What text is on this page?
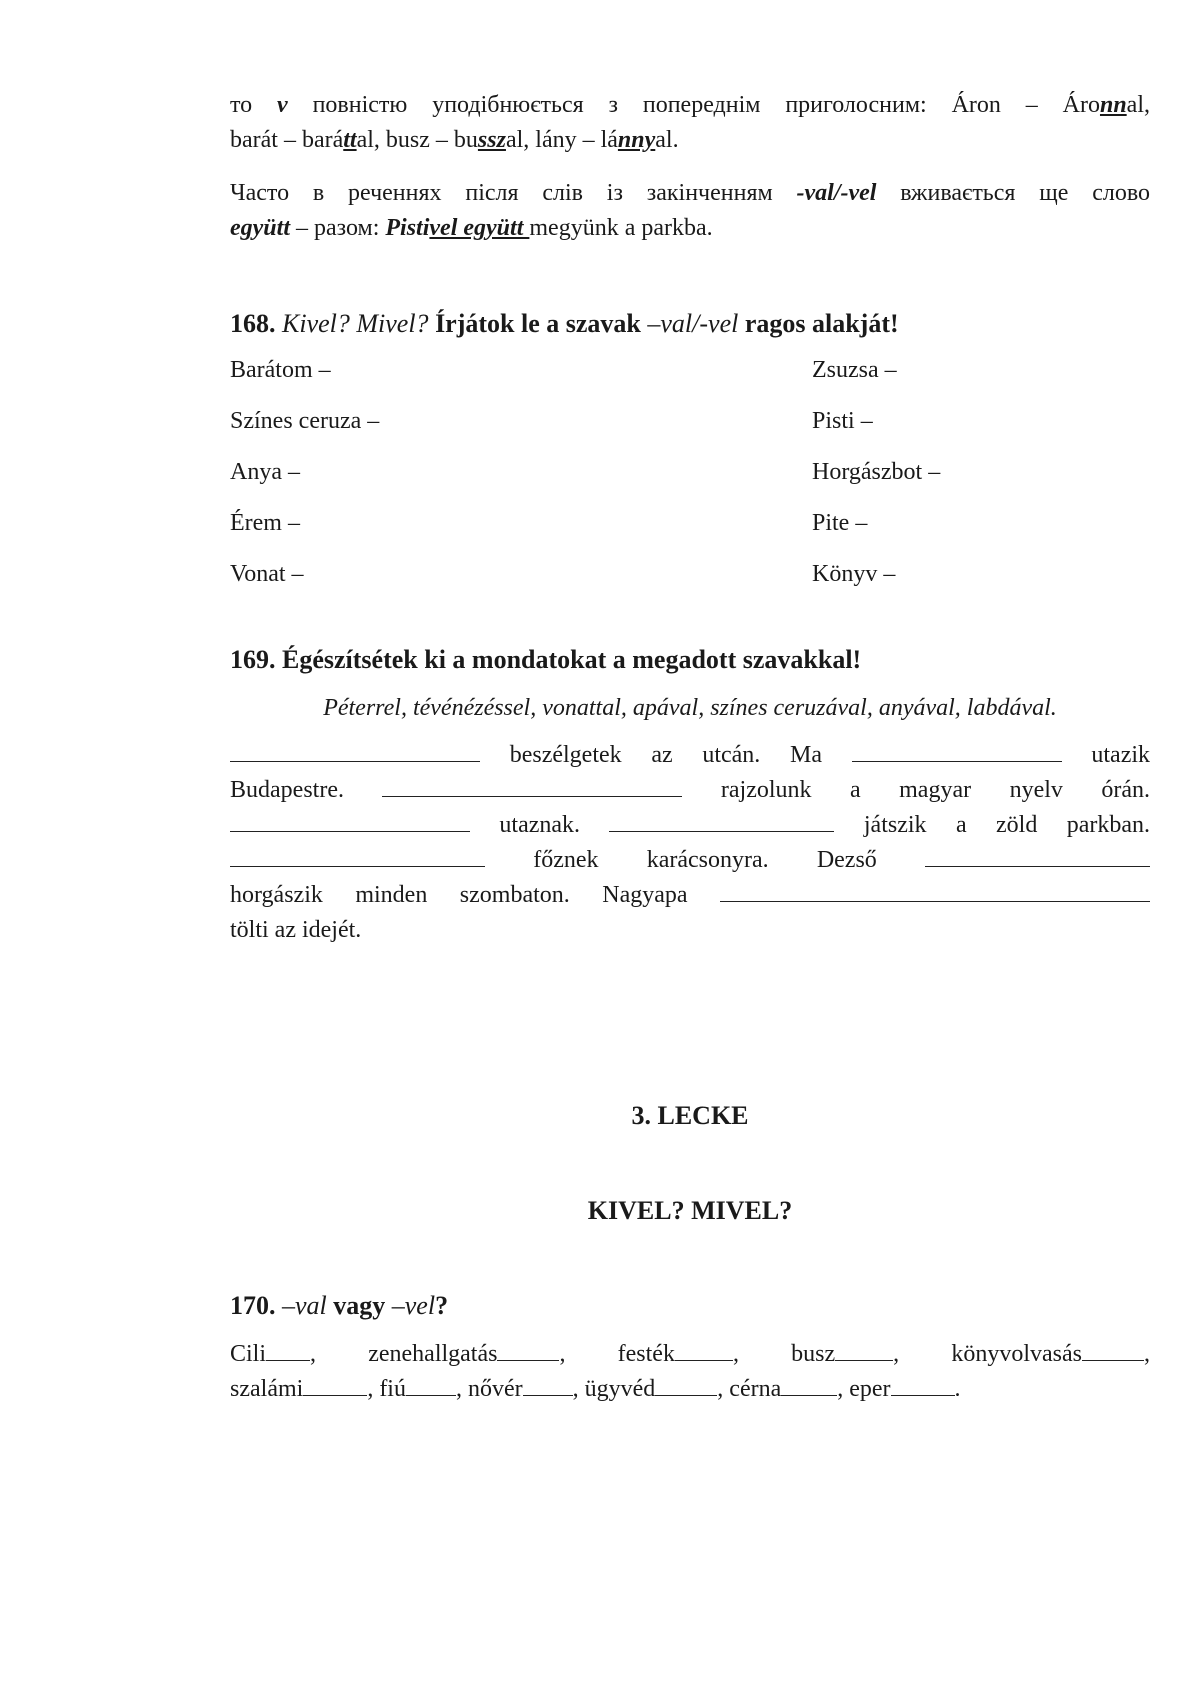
то v повністю уподібнюється з попереднім приголосним: Áron – Áronnal,

barát – baráttal, busz – busszal, lány – lánnyal.

Часто в реченнях після слів із закінченням -val/-vel вживається ще слово

együtt – разом: Pistivel együtt megyünk a parkba.

168. Kivel? Mivel? Írjátok le a szavak –val/-vel ragos alakját!

Barátom –	Zsuzsa –
Színes ceruza –	Pisti –
Anya –	Horgászbot –
Érem –	Pite –
Vonat –	Könyv –

169. Égészítsétek ki a mondatokat a megadott szavakkal!

Péterrel, tévénézéssel, vonattal, apával, színes ceruzával, anyával, labdával.

beszélgetek az utcán. Ma	utazik

Budapestre.	rajzolunk a magyar nyelv órán.

utaznak.	játszik a zöld parkban.

főznek karácsonyra. Dezső

horgászik minden szombaton. Nagyapa

tölti az idejét.

3. LECKE

KIVEL? MIVEL?

170. –val vagy –vel?

Cili , zenehallgatás	, festék , busz , könyvolvasás	,

szalámi	, fiú , nővér , ügyvéd	, cérna , eper	.
